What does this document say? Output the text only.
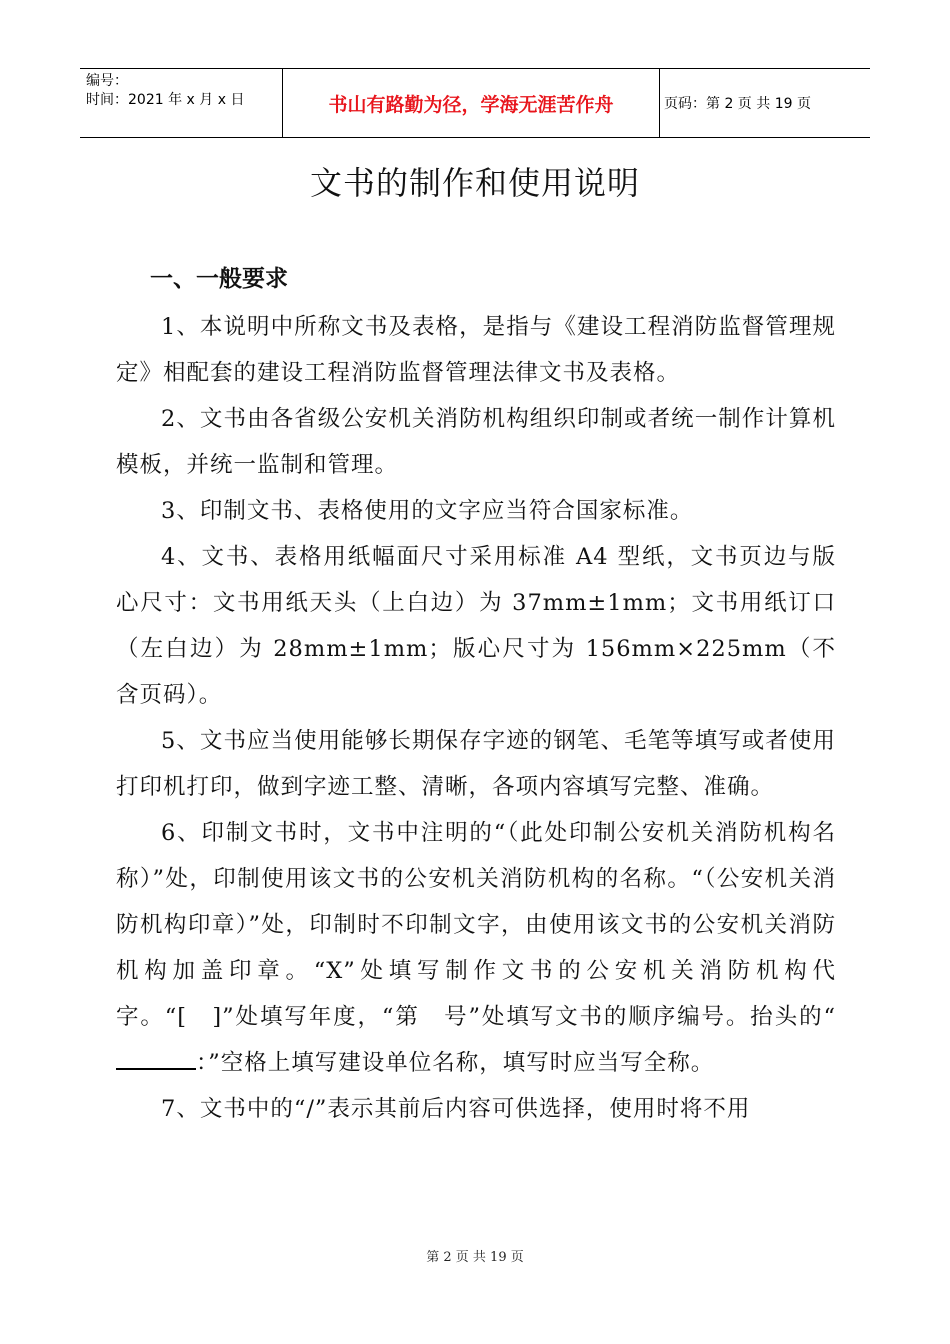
编号：
时间：2021 年 x 月 x 日	书山有路勤为径，学海无涯苦作舟	页码：第 2 页 共 19 页
文书的制作和使用说明
一、一般要求

1、本说明中所称文书及表格，是指与《建设工程消防监督管理规定》相配套的建设工程消防监督管理法律文书及表格。

2、文书由各省级公安机关消防机构组织印制或者统一制作计算机模板，并统一监制和管理。

3、印制文书、表格使用的文字应当符合国家标准。

4、文书、表格用纸幅面尺寸采用标准 A4 型纸，文书页边与版心尺寸：文书用纸天头（上白边）为 37mm±1mm；文书用纸订口（左白边）为 28mm±1mm；版心尺寸为 156mm×225mm（不含页码）。

5、文书应当使用能够长期保存字迹的钢笔、毛笔等填写或者使用打印机打印，做到字迹工整、清晰，各项内容填写完整、准确。

6、印制文书时，文书中注明的“（此处印制公安机关消防机构名称）”处，印制使用该文书的公安机关消防机构的名称。“（公安机关消防机构印章）”处，印制时不印制文字，由使用该文书的公安机关消防机构加盖印章。“X”处填写制作文书的公安机关消防机构代字。“[　]”处填写年度，“第　号”处填写文书的顺序编号。抬头的“：”空格上填写建设单位名称，填写时应当写全称。

7、文书中的“/”表示其前后内容可供选择，使用时将不用

第 2 页 共 19 页
